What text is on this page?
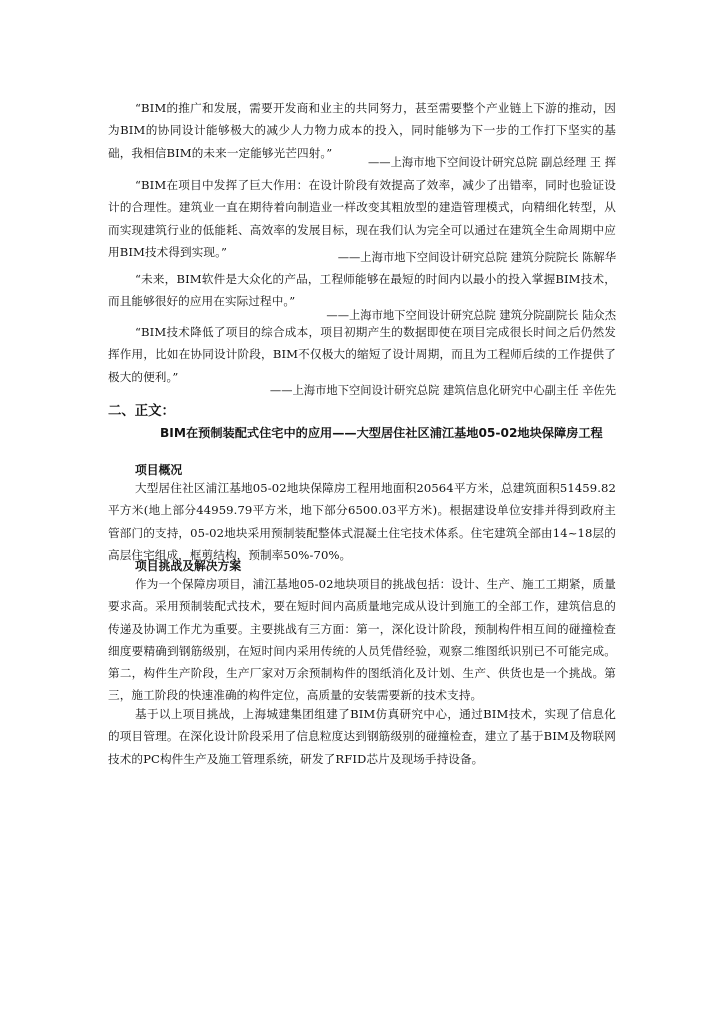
“BIM的推广和发展，需要开发商和业主的共同努力，甚至需要整个产业链上下游的推动，因为BIM的协同设计能够极大的减少人力物力成本的投入，同时能够为下一步的工作打下坚实的基础，我相信BIM的未来一定能够光芒四射。”
——上海市地下空间设计研究总院 副总经理 王 挥
“BIM在项目中发挥了巨大作用：在设计阶段有效提高了效率，减少了出错率，同时也验证设计的合理性。建筑业一直在期待着向制造业一样改变其粗放型的建造管理模式，向精细化转型，从而实现建筑行业的低能耗、高效率的发展目标，现在我们认为完全可以通过在建筑全生命周期中应用BIM技术得到实现。”	——上海市地下空间设计研究总院 建筑分院院长 陈解华
“未来，BIM软件是大众化的产品，工程师能够在最短的时间内以最小的投入掌握BIM技术，而且能够很好的应用在实际过程中。”
——上海市地下空间设计研究总院 建筑分院副院长 陆众杰
“BIM技术降低了项目的综合成本，项目初期产生的数据即使在项目完成很长时间之后仍然发挥作用，比如在协同设计阶段，BIM不仅极大的缩短了设计周期，而且为工程师后续的工作提供了极大的便利。”
——上海市地下空间设计研究总院 建筑信息化研究中心副主任 辛佐先
二、正文：
BIM在预制装配式住宅中的应用——大型居住社区浦江基地05-02地块保障房工程
项目概况
大型居住社区浦江基地05-02地块保障房工程用地面积20564平方米，总建筑面积51459.82平方米(地上部分44959.79平方米，地下部分6500.03平方米)。根据建设单位安排并得到政府主管部门的支持，05-02地块采用预制装配整体式混凝土住宅技术体系。住宅建筑全部由14~18层的高层住宅组成，框剪结构，预制率50%-70%。
项目挑战及解决方案
作为一个保障房项目，浦江基地05-02地块项目的挑战包括：设计、生产、施工工期紧，质量要求高。采用预制装配式技术，要在短时间内高质量地完成从设计到施工的全部工作，建筑信息的传递及协调工作尤为重要。主要挑战有三方面：第一，深化设计阶段，预制构件相互间的碰撞检查细度要精确到钢筋级别，在短时间内采用传统的人员凭借经验，观察二维图纸识别已不可能完成。第二，构件生产阶段，生产厂家对万余预制构件的图纸消化及计划、生产、供货也是一个挑战。第三，施工阶段的快速准确的构件定位，高质量的安装需要新的技术支持。
基于以上项目挑战，上海城建集团组建了BIM仿真研究中心，通过BIM技术，实现了信息化的项目管理。在深化设计阶段采用了信息粒度达到钢筋级别的碰撞检查，建立了基于BIM及物联网技术的PC构件生产及施工管理系统，研发了RFID芯片及现场手持设备。
